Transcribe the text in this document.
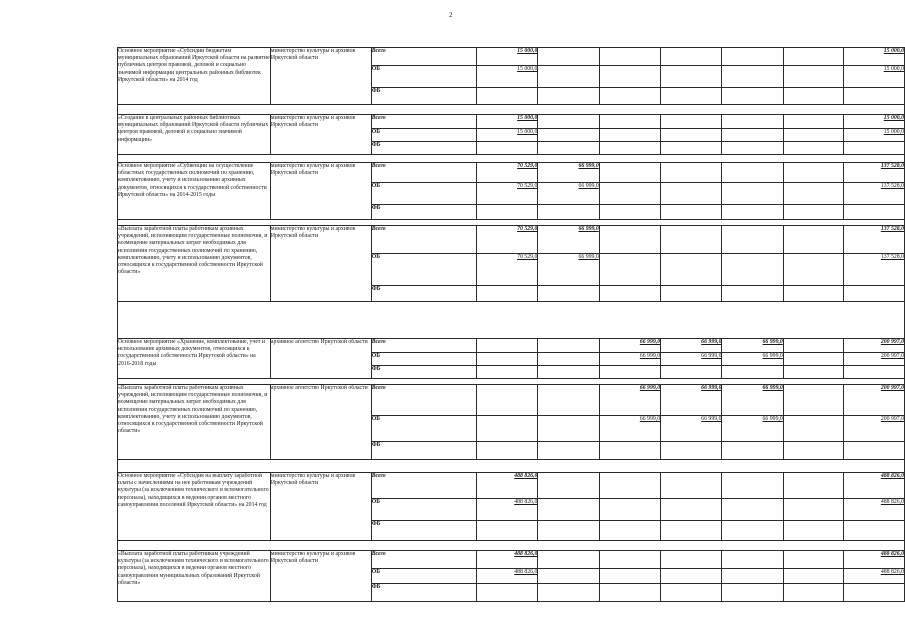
2
Основное мероприятие «Субсидии бюджетам муниципальных образований Иркутской области на развитие публичных центров правовой, деловой и социально значимой информации центральных районных библиотек Иркутской области» на 2014 год	министерство культуры и архивов Иркутской области	Всего	15 000,0						15 000,0

		ОБ	15 000,0						15 000,0

		ФБ							

«Создание в центральных районных библиотеках муниципальных образований Иркутской области публичных центров правовой, деловой и социально значимой информации»	министерство культуры и архивов Иркутской области	Всего	15 000,0						15 000,0

		ОБ	15 000,0						15 000,0

		ФБ							

Основное мероприятие «Субвенции на осуществление областных государственных полномочий по хранению, комплектованию, учету и использованию архивных документов, относящихся к государственной собственности Иркутской области» на 2014-2015 годы	министерство культуры и архивов Иркутской области	Всего	70 529,0	66 999,0					137 528,0

		ОБ	70 529,0	66 999,0					137 528,0

		ФБ							

«Выплата заработной платы работникам архивных учреждений, исполняющим государственные полномочия, и возмещение материальных затрат необходимых для исполнения государственных полномочий по хранению, комплектованию, учету и использованию документов, относящихся к государственной собственности Иркутской области»	министерство культуры и архивов Иркутской области	Всего	70 529,0	66 999,0					137 528,0

		ОБ	70 529,0	66 999,0					137 528,0

		ФБ							

Основное мероприятие «Хранение, комплектование, учет и использование архивных документов, относящихся к государственной собственности Иркутской области» на 2016-2018 годы	архивное агентство Иркутской области	Всего			66 999,0	66 999,0	66 999,0		200 997,0

		ОБ			66 999,0	66 999,0	66 999,0		200 997,0

		ФБ							

«Выплата заработной платы работникам архивных учреждений, исполняющим государственные полномочия, и возмещение материальных затрат необходимых для исполнения государственных полномочий по хранению, комплектованию, учету и использованию документов, относящихся к государственной собственности Иркутской области»	архивное агентство Иркутской области	Всего			66 999,0	66 999,0	66 999,0		200 997,0

		ОБ			66 999,0	66 999,0	66 999,0		200 997,0

		ФБ							

Основное мероприятие «Субсидия на выплату заработной платы с начислениями на нее работникам учреждений культуры (за исключением технического и вспомогательного персонала), находящихся в ведении органов местного самоуправления поселений Иркутской области» на 2014 год	министерство культуры и архивов Иркутской области	Всего	488 826,0						488 826,0

		ОБ	488 826,0						488 826,0

		ФБ							

«Выплата заработной платы работникам учреждений культуры (за исключением технического и вспомогательного персонала), находящихся в ведении органов местного самоуправления муниципальных образований Иркутской области»	министерство культуры и архивов Иркутской области	Всего	488 826,0						488 826,0

		ОБ	488 826,0						488 826,0

		ФБ							
